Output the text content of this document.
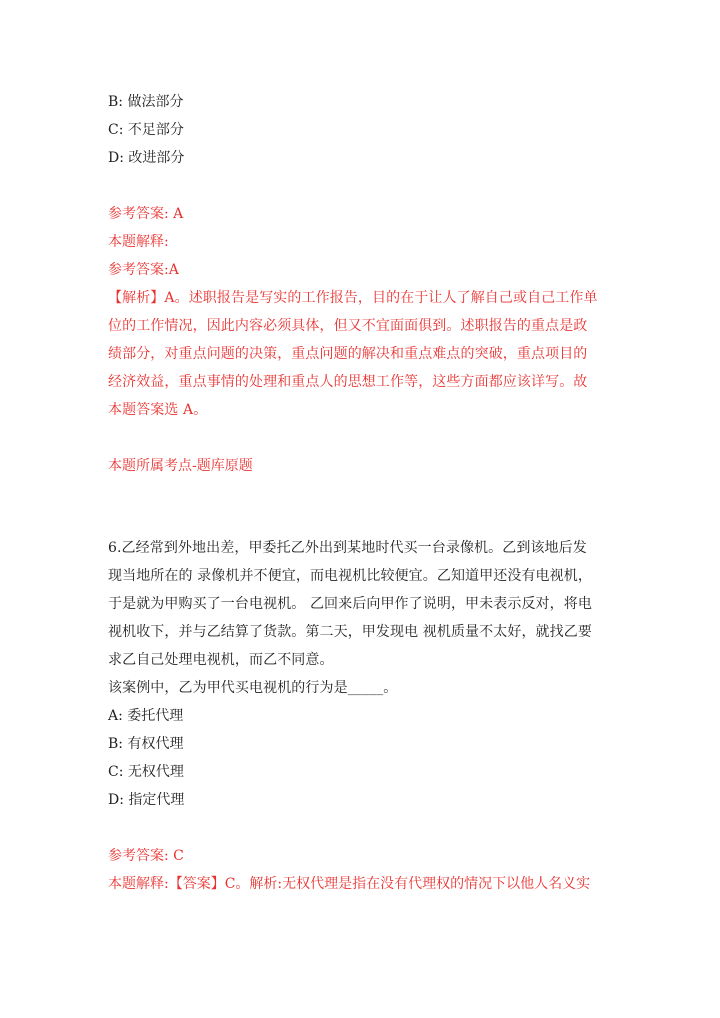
B: 做法部分
C: 不足部分
D: 改进部分
参考答案: A
本题解释:
参考答案:A
【解析】A。述职报告是写实的工作报告，目的在于让人了解自己或自己工作单
位的工作情况，因此内容必须具体，但又不宜面面俱到。述职报告的重点是政
绩部分，对重点问题的决策，重点问题的解决和重点难点的突破，重点项目的
经济效益，重点事情的处理和重点人的思想工作等，这些方面都应该详写。故
本题答案选 A。
本题所属考点-题库原题
6.乙经常到外地出差，甲委托乙外出到某地时代买一台录像机。乙到该地后发
现当地所在的 录像机并不便宜，而电视机比较便宜。乙知道甲还没有电视机，
于是就为甲购买了一台电视机。 乙回来后向甲作了说明，甲未表示反对，将电
视机收下，并与乙结算了货款。第二天，甲发现电 视机质量不太好，就找乙要
求乙自己处理电视机，而乙不同意。
该案例中，乙为甲代买电视机的行为是_____。
A: 委托代理
B: 有权代理
C: 无权代理
D: 指定代理
参考答案: C
本题解释:【答案】C。解析:无权代理是指在没有代理权的情况下以他人名义实
